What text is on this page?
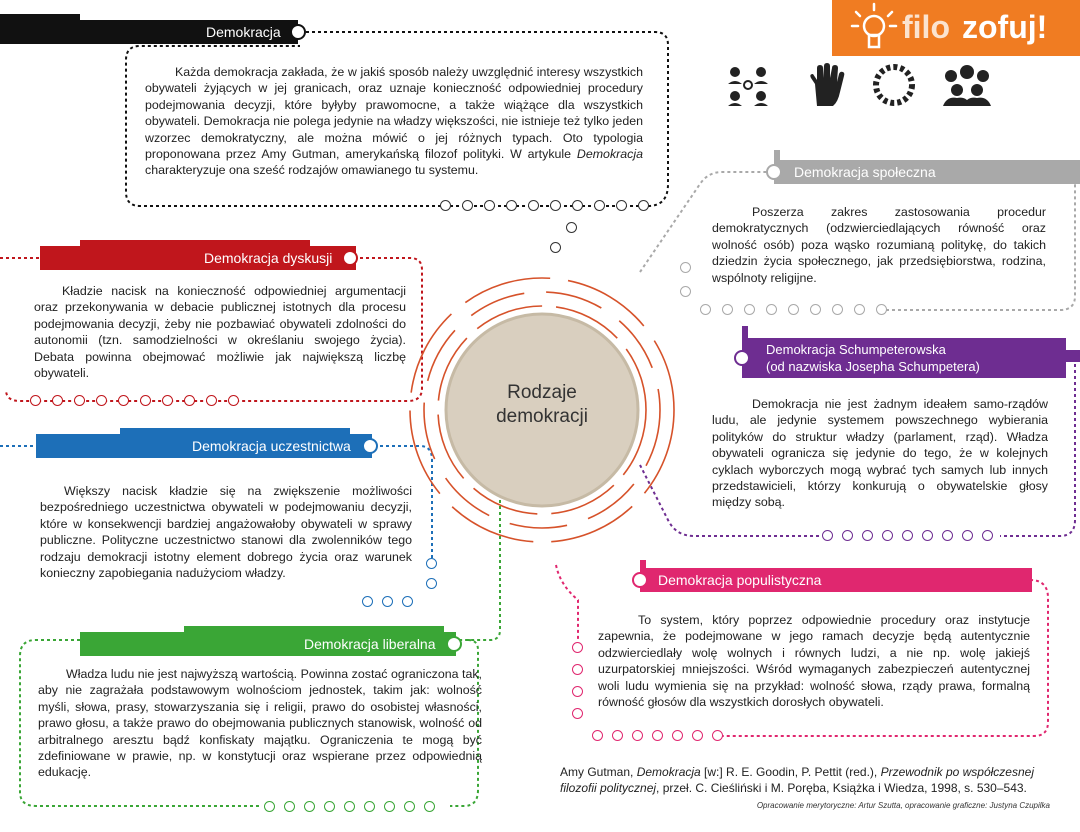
Rodzaje
demokracji
filo zofuj!
Demokracja

Każda demokracja zakłada, że w jakiś sposób należy uwzględnić interesy wszystkich obywateli żyjących w jej granicach, oraz uznaje konieczność odpowiedniej procedury podejmowania decyzji, które byłyby prawomocne, a także wiążące dla wszystkich obywateli. Demokracja nie polega jedynie na władzy większości, nie istnieje też tylko jeden wzorzec demokratyczny, ale można mówić o jej różnych typach. Oto typologia proponowana przez Amy Gutman, amerykańską filozof polityki. W artykule Demokracja charakteryzuje ona sześć rodzajów omawianego tu systemu.

Demokracja dyskusji

Kładzie nacisk na konieczność odpowiedniej argumentacji oraz przekonywania w debacie publicznej istotnych dla procesu podejmowania decyzji, żeby nie pozbawiać obywateli zdolności do autonomii (tzn. samodzielności w określaniu swojego życia). Debata powinna obejmować możliwie jak największą liczbę obywateli.

Demokracja uczestnictwa

Większy nacisk kładzie się na zwiększenie możliwości bezpośredniego uczestnictwa obywateli w podejmowaniu decyzji, które w konsekwencji bardziej angażowałoby obywateli w sprawy publiczne. Polityczne uczestnictwo stanowi dla zwolenników tego rodzaju demokracji istotny element dobrego życia oraz warunek konieczny zapobiegania nadużyciom władzy.

Demokracja liberalna

Władza ludu nie jest najwyższą wartością. Powinna zostać ograniczona tak, aby nie zagrażała podstawowym wolnościom jednostek, takim jak: wolność myśli, słowa, prasy, stowarzyszania się i religii, prawo do osobistej własności, prawo głosu, a także prawo do obejmowania publicznych stanowisk, wolność od arbitralnego aresztu bądź konfiskaty majątku. Ograniczenia te mogą być zdefiniowane w prawie, np. w konstytucji oraz wspierane przez odpowiednią edukację.

Demokracja społeczna

Poszerza zakres zastosowania procedur demokratycznych (odzwierciedlających równość oraz wolność osób) poza wąsko rozumianą politykę, do takich dziedzin życia społecznego, jak przedsiębiorstwa, rodzina, wspólnoty religijne.

Demokracja Schumpeterowska
(od nazwiska Josepha Schumpetera)

Demokracja nie jest żadnym ideałem samo-rządów ludu, ale jedynie systemem powszechnego wybierania polityków do struktur władzy (parlament, rząd). Władza obywateli ogranicza się jedynie do tego, że w kolejnych cyklach wyborczych mogą wybrać tych samych lub innych przedstawicieli, którzy konkurują o obywatelskie głosy między sobą.

Demokracja populistyczna

To system, który poprzez odpowiednie procedury oraz instytucje zapewnia, że podejmowane w jego ramach decyzje będą autentycznie odzwierciedlały wolę wolnych i równych ludzi, a nie np. wolę jakiejś uzurpatorskiej mniejszości. Wśród wymaganych zabezpieczeń autentycznej woli ludu wymienia się na przykład: wolność słowa, rządy prawa, formalną równość głosów dla wszystkich dorosłych obywateli.

Amy Gutman, Demokracja [w:] R. E. Goodin, P. Pettit (red.), Przewodnik po współczesnej filozofii politycznej, przeł. C. Cieśliński i M. Poręba, Książka i Wiedza, 1998, s. 530–543.
Opracowanie merytoryczne: Artur Szutta, opracowanie graficzne: Justyna Czupilka
